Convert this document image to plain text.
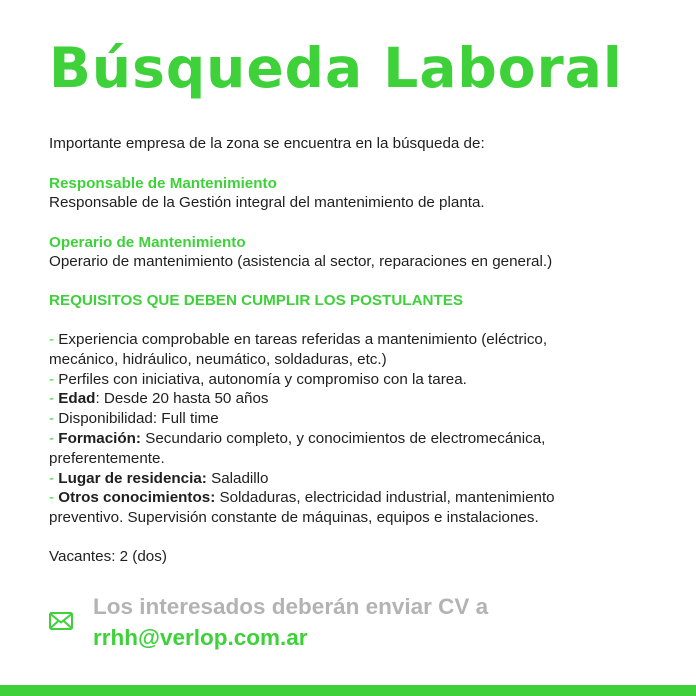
Búsqueda Laboral
Importante empresa de la zona se encuentra en la búsqueda de:
Responsable de Mantenimiento
Responsable de la Gestión integral del mantenimiento de planta.
Operario de Mantenimiento
Operario de mantenimiento (asistencia al sector, reparaciones en general.)
REQUISITOS QUE DEBEN CUMPLIR LOS POSTULANTES
- Experiencia comprobable en tareas referidas a mantenimiento (eléctrico,
mecánico, hidráulico, neumático, soldaduras, etc.)
- Perfiles con iniciativa, autonomía y compromiso con la tarea.
- Edad: Desde 20 hasta 50 años
- Disponibilidad: Full time
- Formación: Secundario completo, y conocimientos de electromecánica,
preferentemente.
- Lugar de residencia: Saladillo
- Otros conocimientos: Soldaduras, electricidad industrial, mantenimiento
preventivo. Supervisión constante de máquinas, equipos e instalaciones.
Vacantes: 2 (dos)
Los interesados deberán enviar CV a
rrhh@verlop.com.ar
